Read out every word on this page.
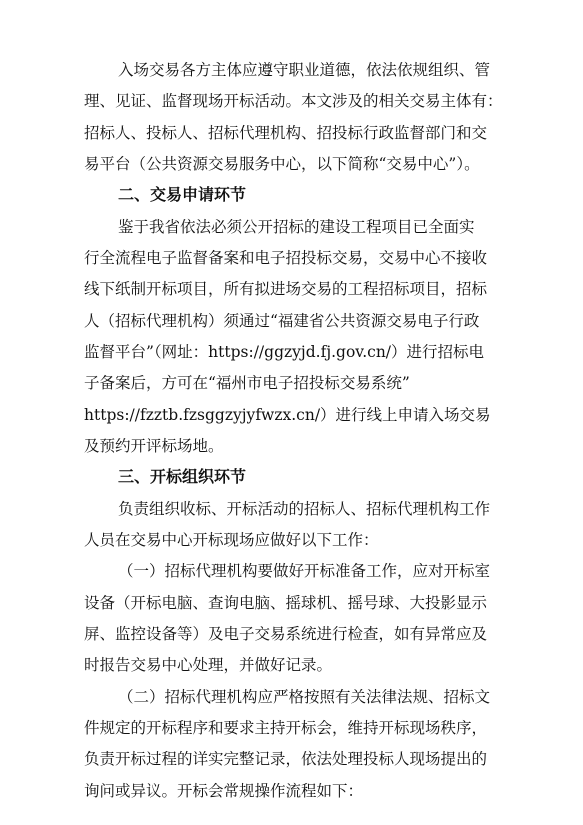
入场交易各方主体应遵守职业道德，依法依规组织、管
理、见证、监督现场开标活动。本文涉及的相关交易主体有：
招标人、投标人、招标代理机构、招投标行政监督部门和交
易平台（公共资源交易服务中心，以下简称“交易中心”）。
二、交易申请环节
鉴于我省依法必须公开招标的建设工程项目已全面实
行全流程电子监督备案和电子招投标交易，交易中心不接收
线下纸制开标项目，所有拟进场交易的工程招标项目，招标
人（招标代理机构）须通过“福建省公共资源交易电子行政
监督平台”（网址：https://ggzyjd.fj.gov.cn/）进行招标电
子备案后，方可在“福州市电子招投标交易系统”
https://fzztb.fzsggzyjyfwzx.cn/）进行线上申请入场交易
及预约开评标场地。
三、开标组织环节
负责组织收标、开标活动的招标人、招标代理机构工作
人员在交易中心开标现场应做好以下工作：
（一）招标代理机构要做好开标准备工作，应对开标室
设备（开标电脑、查询电脑、摇球机、摇号球、大投影显示
屏、监控设备等）及电子交易系统进行检查，如有异常应及
时报告交易中心处理，并做好记录。
（二）招标代理机构应严格按照有关法律法规、招标文
件规定的开标程序和要求主持开标会，维持开标现场秩序，
负责开标过程的详实完整记录，依法处理投标人现场提出的
询问或异议。开标会常规操作流程如下：
